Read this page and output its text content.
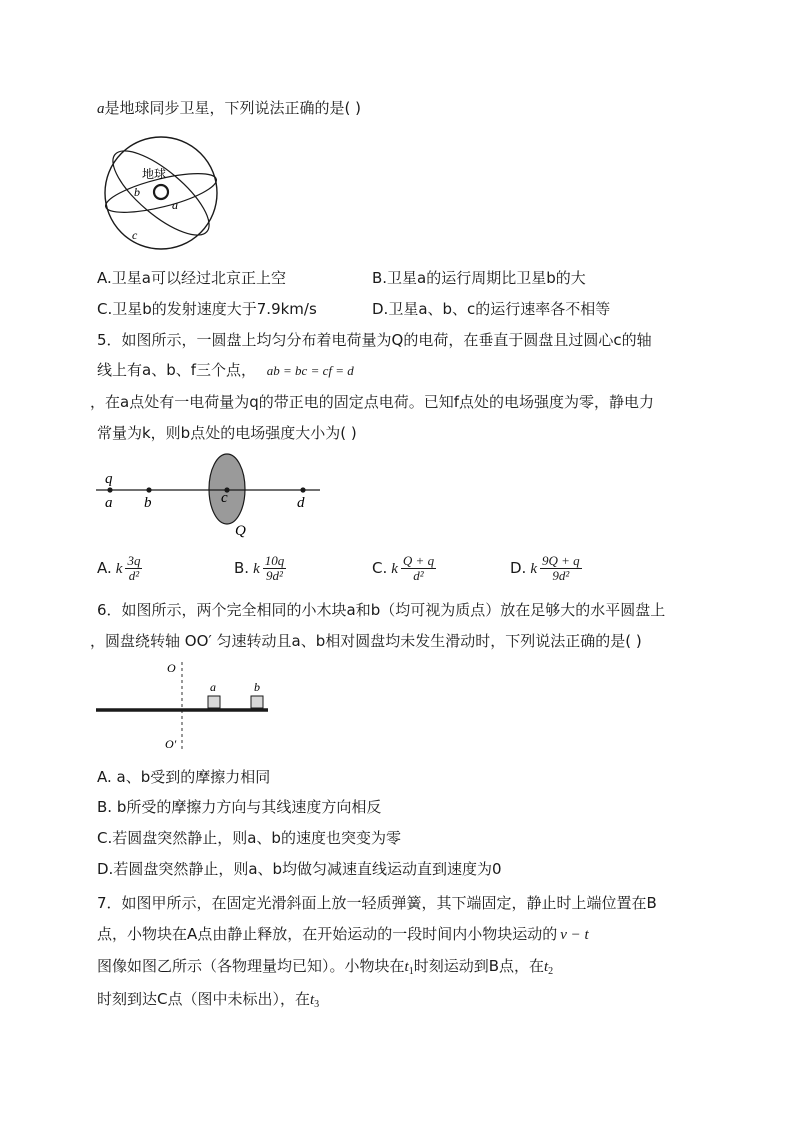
a是地球同步卫星，下列说法正确的是( )
地球
b
a
c
A.卫星a可以经过北京正上空	B.卫星a的运行周期比卫星b的大
C.卫星b的发射速度大于7.9km/s	D.卫星a、b、c的运行速率各不相等
5．如图所示，一圆盘上均匀分布着电荷量为Q的电荷，在垂直于圆盘且过圆心c的轴
线上有a、b、f三个点， ab = bc = cf = d
，在a点处有一电荷量为q的带正电的固定点电荷。已知f点处的电场强度为零，静电力
常量为k，则b点处的电场强度大小为( )
q
a b	c	d
Q
A. k $\frac{3q}{\text{d²}}$	B. k $\frac{10q}{\text{9d²}}$	C. k $\frac{Q + q}{\text{d²}}$	D. k $\frac{9Q + q}{\text{9d²}}$
6．如图所示，两个完全相同的小木块a和b（均可视为质点）放在足够大的水平圆盘上
，圆盘绕转轴 OO′ 匀速转动且a、b相对圆盘均未发生滑动时，下列说法正确的是( )
O
O′
a	b
A. a、b受到的摩擦力相同
B. b所受的摩擦力方向与其线速度方向相反
C.若圆盘突然静止，则a、b的速度也突变为零
D.若圆盘突然静止，则a、b均做匀减速直线运动直到速度为0
7．如图甲所示，在固定光滑斜面上放一轻质弹簧，其下端固定，静止时上端位置在B
点，小物块在A点由静止释放，在开始运动的一段时间内小物块运动的 v − t
图像如图乙所示（各物理量均已知）。小物块在$t_1$时刻运动到B点，在$t_2$
时刻到达C点（图中未标出），在$t_3$
